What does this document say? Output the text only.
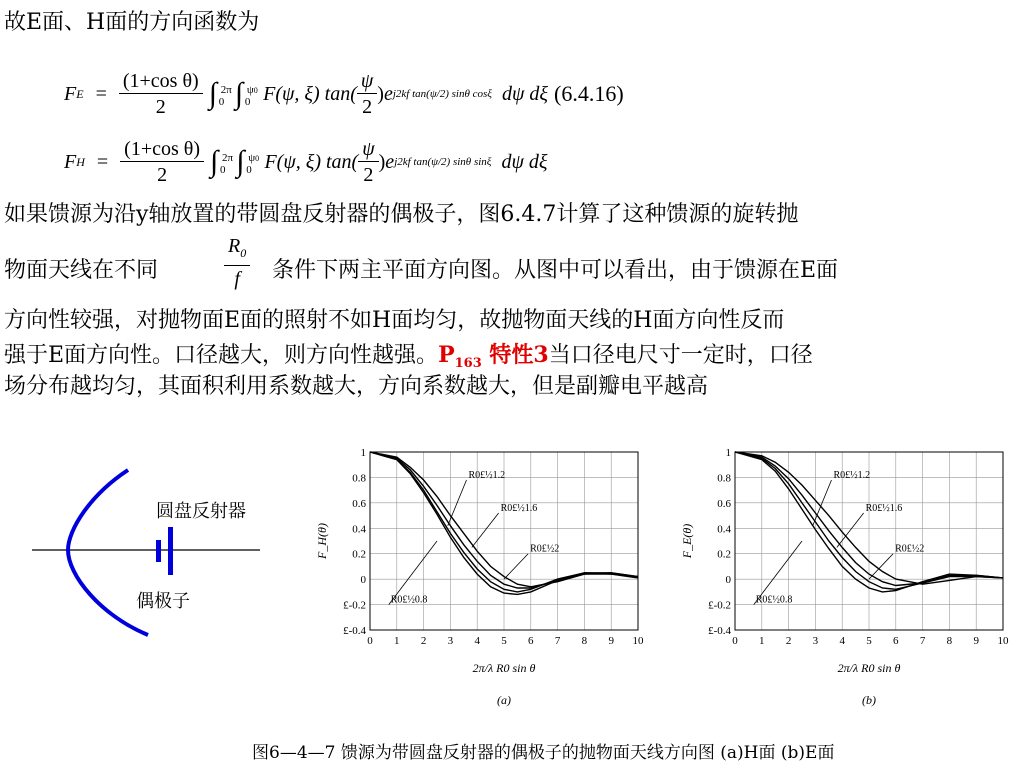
故E面、H面的方向函数为
F $E = \frac{\text{(1+cos θ)}}{2}$ ∫ 2π
0 ∫ ψ0
0 F(ψ, ξ) $\tan( \frac{\psi}{2}$ ) e j2kf tan(ψ/2) sinθ cosξ dψ dξ (6.4.16)
F $H = \frac{\text{(1+cos θ)}}{2}$ ∫ 2π
0 ∫ ψ0
0 F(ψ, ξ) $\tan( \frac{\psi}{2}$ ) e j2kf tan(ψ/2) sinθ sinξ dψ dξ
如果馈源为沿y轴放置的带圆盘反射器的偶极子，图6.4.7计算了这种馈源的旋转抛
物面天线在不同	$\frac{R_0}{f}$ 条件下两主平面方向图。从图中可以看出，由于馈源在E面
方向性较强，对抛物面E面的照射不如H面均匀，故抛物面天线的H面方向性反而
强于E面方向性。口径越大，则方向性越强。$P_{163}$ 特性3当口径电尺寸一定时，口径
场分布越均匀，其面积利用系数越大，方向系数越大，但是副瓣电平越高
圆盘反射器
偶极子
0 1 2 3 4 5 6 7 8 9 10
1
0.8
0.6
0.4
0.2
0
£-0.2
£-0.4
R0£½1.2
R0£½1.6
R0£½2
R0£½0.8
F_H(θ)
2π/λ R0 sin θ
(a)
0 1 2 3 4 5 6 7 8 9 10
1
0.8
0.6
0.4
0.2
0
£-0.2
£-0.4
R0£½1.2
R0£½1.6
R0£½2
R0£½0.8
F_E(θ)
2π/λ R0 sin θ
(b)
图6—4—7 馈源为带圆盘反射器的偶极子的抛物面天线方向图 (a)H面 (b)E面
